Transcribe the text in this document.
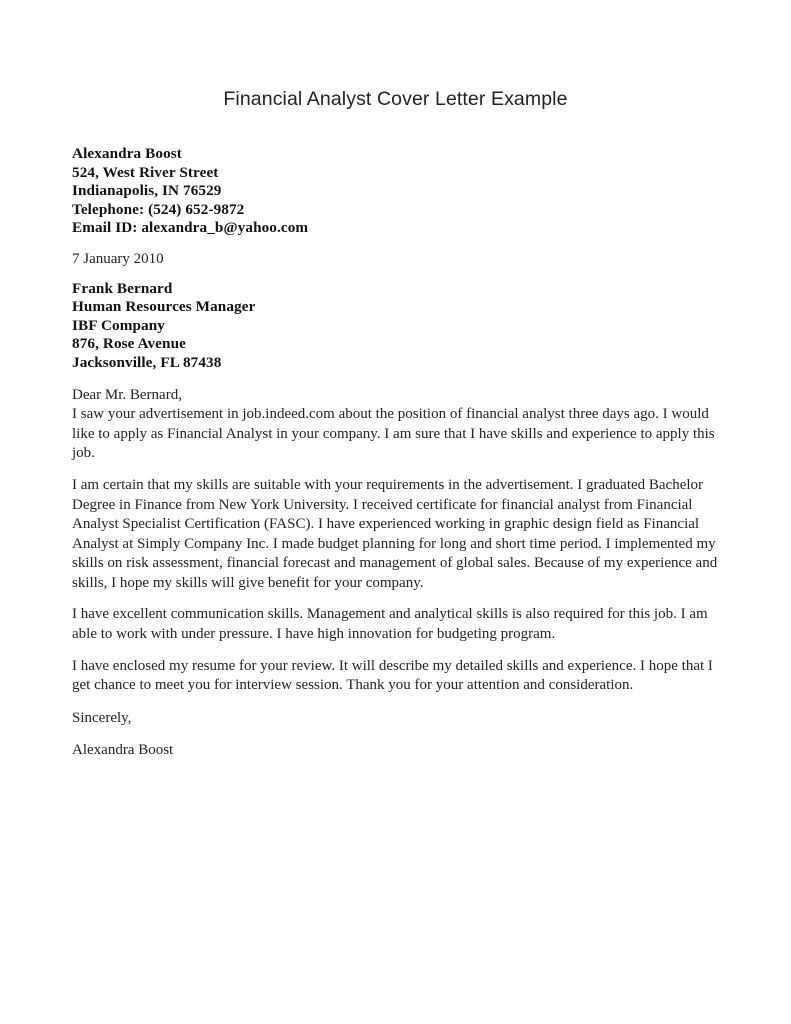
Financial Analyst Cover Letter Example
Alexandra Boost
524, West River Street
Indianapolis, IN 76529
Telephone: (524) 652-9872
Email ID: alexandra_b@yahoo.com
7 January 2010
Frank Bernard
Human Resources Manager
IBF Company
876, Rose Avenue
Jacksonville, FL 87438
Dear Mr. Bernard,

I saw your advertisement in job.indeed.com about the position of financial analyst three days ago. I would like to apply as Financial Analyst in your company. I am sure that I have skills and experience to apply this job.

I am certain that my skills are suitable with your requirements in the advertisement. I graduated Bachelor Degree in Finance from New York University. I received certificate for financial analyst from Financial Analyst Specialist Certification (FASC). I have experienced working in graphic design field as Financial Analyst at Simply Company Inc. I made budget planning for long and short time period. I implemented my skills on risk assessment, financial forecast and management of global sales. Because of my experience and skills, I hope my skills will give benefit for your company.

I have excellent communication skills. Management and analytical skills is also required for this job. I am able to work with under pressure. I have high innovation for budgeting program.

I have enclosed my resume for your review. It will describe my detailed skills and experience. I hope that I get chance to meet you for interview session. Thank you for your attention and consideration.

Sincerely,
Alexandra Boost
